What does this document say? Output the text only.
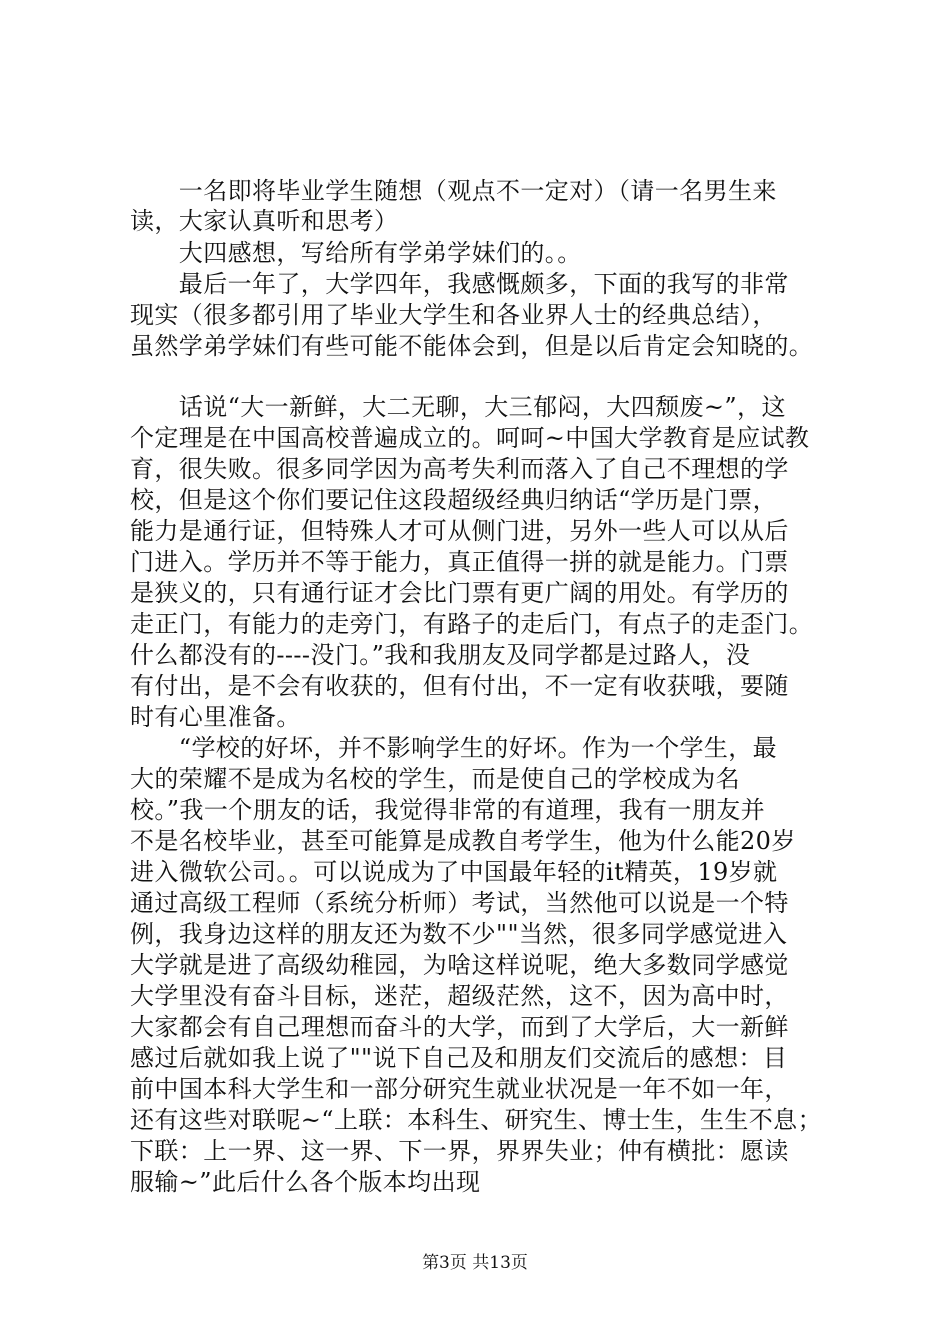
　　一名即将毕业学生随想（观点不一定对）（请一名男生来
读，大家认真听和思考）
　　大四感想，写给所有学弟学妹们的。。
　　最后一年了，大学四年，我感慨颇多，下面的我写的非常
现实（很多都引用了毕业大学生和各业界人士的经典总结），
虽然学弟学妹们有些可能不能体会到，但是以后肯定会知晓的。
　　话说“大一新鲜，大二无聊，大三郁闷，大四颓废~”，这
个定理是在中国高校普遍成立的。呵呵~中国大学教育是应试教
育，很失败。很多同学因为高考失利而落入了自己不理想的学
校，但是这个你们要记住这段超级经典归纳话“学历是门票，
能力是通行证，但特殊人才可从侧门进，另外一些人可以从后
门进入。学历并不等于能力，真正值得一拼的就是能力。门票
是狭义的，只有通行证才会比门票有更广阔的用处。有学历的
走正门，有能力的走旁门，有路子的走后门，有点子的走歪门。
什么都没有的----没门。”我和我朋友及同学都是过路人，没
有付出，是不会有收获的，但有付出，不一定有收获哦，要随
时有心里准备。
　　“学校的好坏，并不影响学生的好坏。作为一个学生，最
大的荣耀不是成为名校的学生，而是使自己的学校成为名
校。”我一个朋友的话，我觉得非常的有道理，我有一朋友并
不是名校毕业，甚至可能算是成教自考学生，他为什么能20岁
进入微软公司。。可以说成为了中国最年轻的it精英，19岁就
通过高级工程师（系统分析师）考试，当然他可以说是一个特
例，我身边这样的朋友还为数不少""当然，很多同学感觉进入
大学就是进了高级幼稚园，为啥这样说呢，绝大多数同学感觉
大学里没有奋斗目标，迷茫，超级茫然，这不，因为高中时，
大家都会有自己理想而奋斗的大学，而到了大学后，大一新鲜
感过后就如我上说了""说下自己及和朋友们交流后的感想：目
前中国本科大学生和一部分研究生就业状况是一年不如一年，
还有这些对联呢~“上联：本科生、研究生、博士生，生生不息；
下联：上一界、这一界、下一界，界界失业；仲有横批：愿读
服输~”此后什么各个版本均出现
第3页 共13页
